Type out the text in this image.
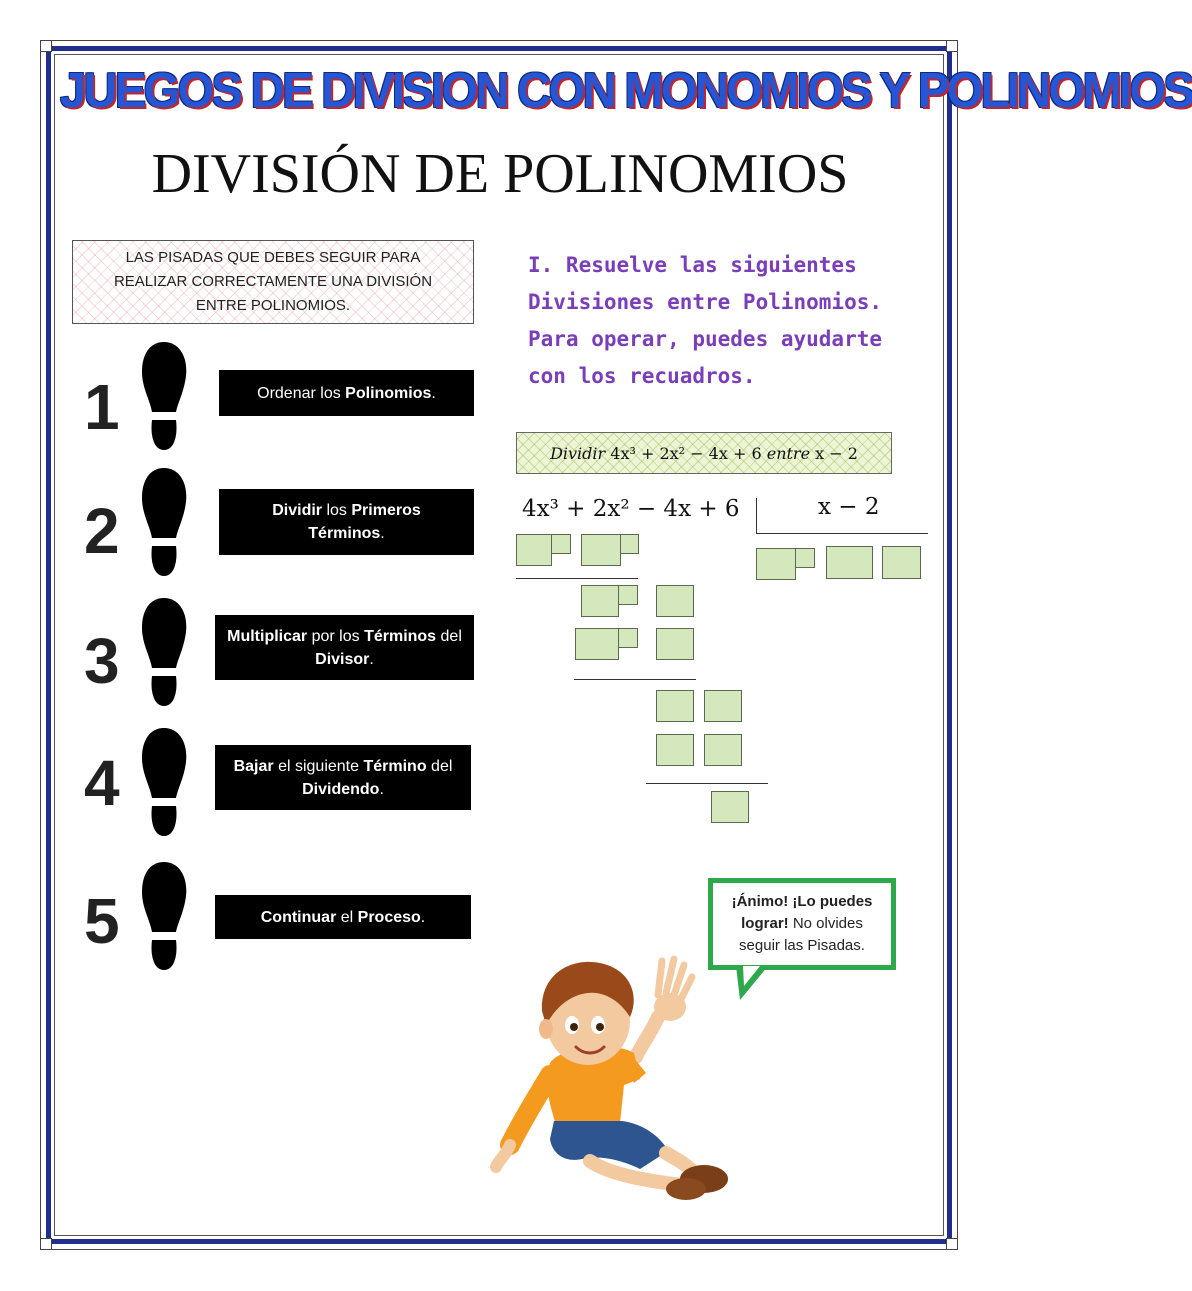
JUEGOS DE DIVISION CON MONOMIOS Y POLINOMIOS
DIVISIÓN DE POLINOMIOS
LAS PISADAS QUE DEBES SEGUIR PARA REALIZAR CORRECTAMENTE UNA DIVISIÓN ENTRE POLINOMIOS.
1	Ordenar los Polinomios.
2	Dividir los Primeros Términos.
3	Multiplicar por los Términos del Divisor.
4	Bajar el siguiente Término del Dividendo.
5	Continuar el Proceso.
I. Resuelve las siguientes Divisiones entre Polinomios. Para operar, puedes ayudarte con los recuadros.
Dividir
4x³ + 2x² − 4x + 6
entre
x − 2
4x³ + 2x² − 4x + 6	x − 2
¡Ánimo! ¡Lo puedes lograr! No olvides seguir las Pisadas.
